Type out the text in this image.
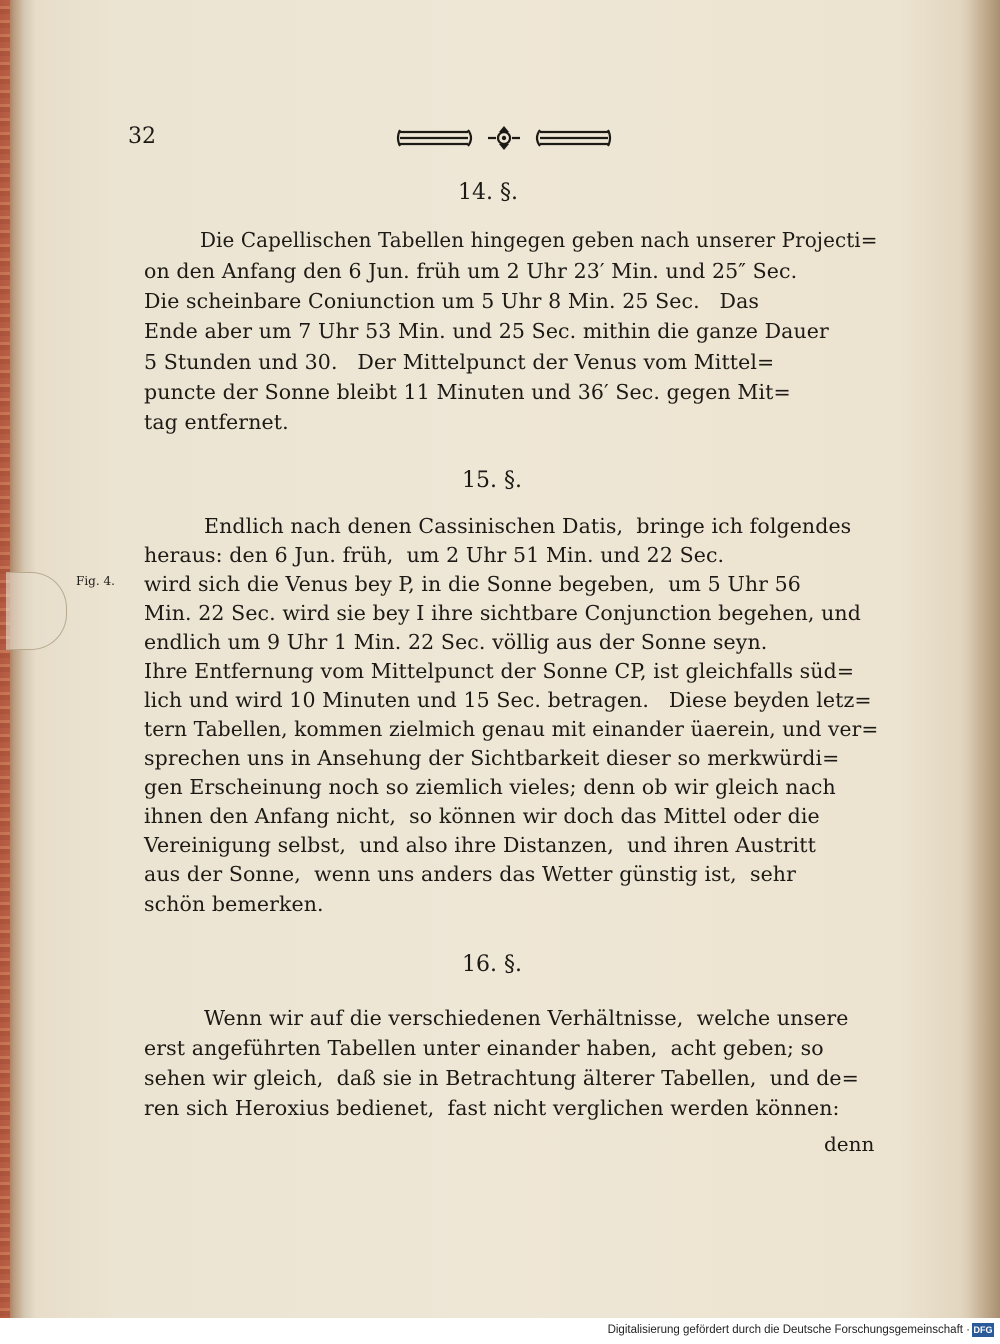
32
14. §.
Die Capellischen Tabellen hingegen geben nach unserer Projecti=
on den Anfang den 6 Jun. früh um 2 Uhr 23′ Min. und 25″ Sec.
Die scheinbare Coniunction um 5 Uhr 8 Min. 25 Sec.   Das
Ende aber um 7 Uhr 53 Min. und 25 Sec. mithin die ganze Dauer
5 Stunden und 30.   Der Mittelpunct der Venus vom Mittel=
puncte der Sonne bleibt 11 Minuten und 36′ Sec. gegen Mit=
tag entfernet.
15. §.
Fig. 4.
Endlich nach denen Cassinischen Datis,  bringe ich folgendes
heraus: den 6 Jun. früh,  um 2 Uhr 51 Min. und 22 Sec.
wird sich die Venus bey P, in die Sonne begeben,  um 5 Uhr 56
Min. 22 Sec. wird sie bey I ihre sichtbare Conjunction begehen, und
endlich um 9 Uhr 1 Min. 22 Sec. völlig aus der Sonne seyn.
Ihre Entfernung vom Mittelpunct der Sonne CP, ist gleichfalls süd=
lich und wird 10 Minuten und 15 Sec. betragen.   Diese beyden letz=
tern Tabellen, kommen zielmich genau mit einander üaerein, und ver=
sprechen uns in Ansehung der Sichtbarkeit dieser so merkwürdi=
gen Erscheinung noch so ziemlich vieles; denn ob wir gleich nach
ihnen den Anfang nicht,  so können wir doch das Mittel oder die
Vereinigung selbst,  und also ihre Distanzen,  und ihren Austritt
aus der Sonne,  wenn uns anders das Wetter günstig ist,  sehr
schön bemerken.
16. §.
Wenn wir auf die verschiedenen Verhältnisse,  welche unsere
erst angeführten Tabellen unter einander haben,  acht geben; so
sehen wir gleich,  daß sie in Betrachtung älterer Tabellen,  und de=
ren sich Heroxius bedienet,  fast nicht verglichen werden können:
denn
Digitalisierung gefördert durch die Deutsche Forschungsgemeinschaft · DFG
